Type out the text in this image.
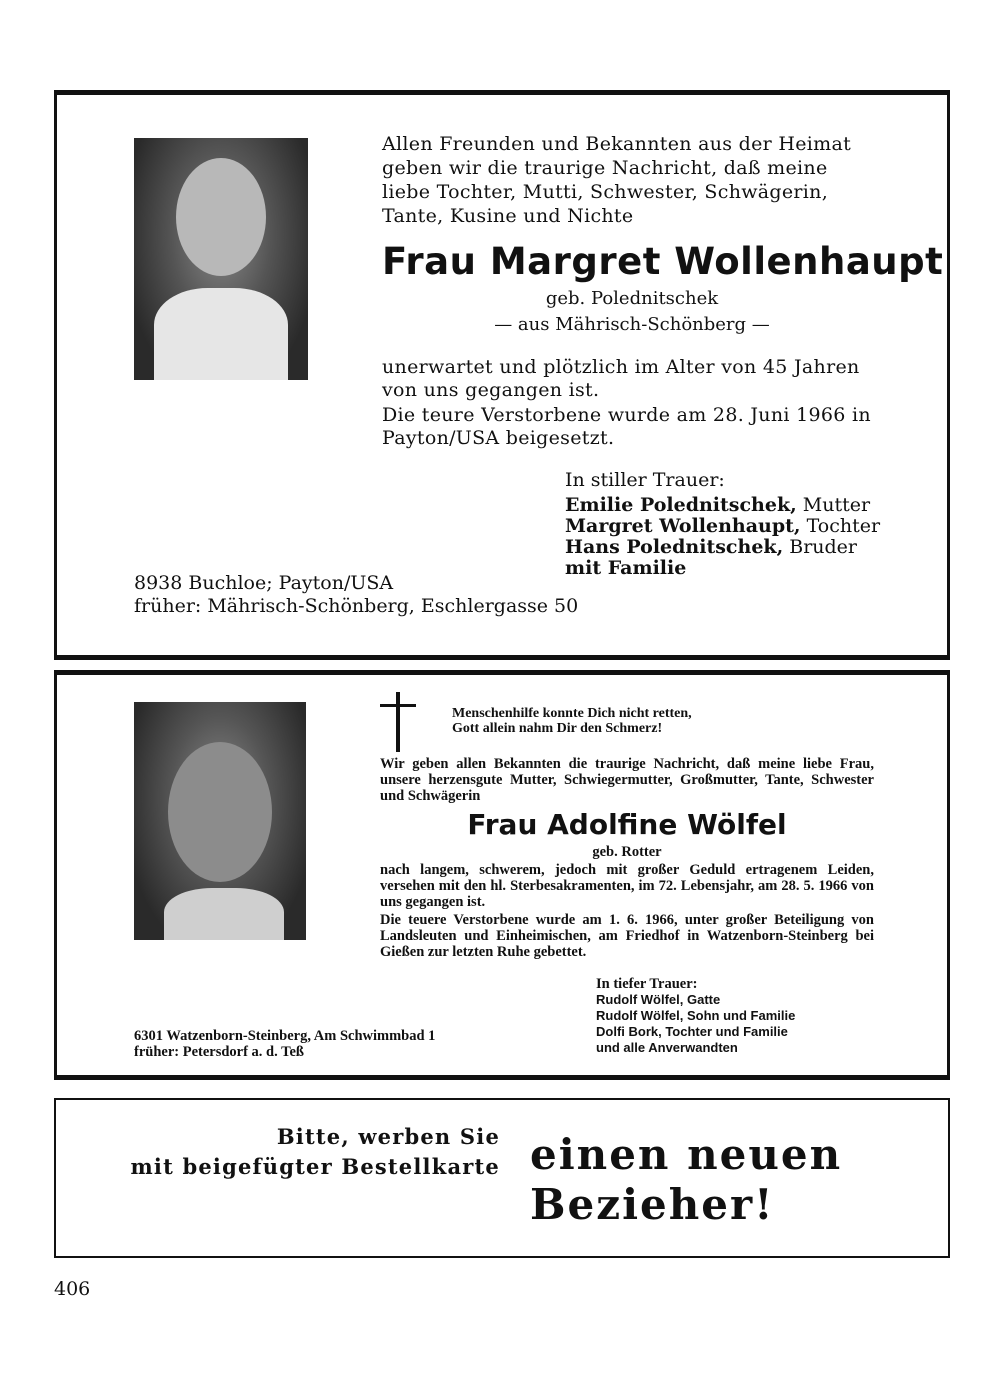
Allen Freunden und Bekannten aus der Heimat geben wir die traurige Nachricht, daß meine liebe Tochter, Mutti, Schwester, Schwägerin, Tante, Kusine und Nichte
Frau Margret Wollenhaupt
geb. Polednitschek
— aus Mährisch-Schönberg —
unerwartet und plötzlich im Alter von 45 Jahren von uns gegangen ist.
Die teure Verstorbene wurde am 28. Juni 1966 in Payton/USA beigesetzt.
In stiller Trauer:
Emilie Polednitschek, Mutter
Margret Wollenhaupt, Tochter
Hans Polednitschek, Bruder
mit Familie
8938 Buchloe; Payton/USA
früher: Mährisch-Schönberg, Eschlergasse 50
Menschenhilfe konnte Dich nicht retten,
Gott allein nahm Dir den Schmerz!
Wir geben allen Bekannten die traurige Nachricht, daß meine liebe Frau, unsere herzensgute Mutter, Schwiegermutter, Großmutter, Tante, Schwester und Schwägerin
Frau Adolfine Wölfel
geb. Rotter
nach langem, schwerem, jedoch mit großer Geduld ertragenem Leiden, versehen mit den hl. Sterbesakramenten, im 72. Lebensjahr, am 28. 5. 1966 von uns gegangen ist.
Die teuere Verstorbene wurde am 1. 6. 1966, unter großer Beteiligung von Landsleuten und Einheimischen, am Friedhof in Watzenborn-Steinberg bei Gießen zur letzten Ruhe gebettet.
In tiefer Trauer:
Rudolf Wölfel, Gatte
Rudolf Wölfel, Sohn und Familie
Dolfi Bork, Tochter und Familie
und alle Anverwandten
6301 Watzenborn-Steinberg, Am Schwimmbad 1
früher: Petersdorf a. d. Teß
Bitte, werben Sie
mit beigefügter Bestellkarte einen neuen
Bezieher!
406
